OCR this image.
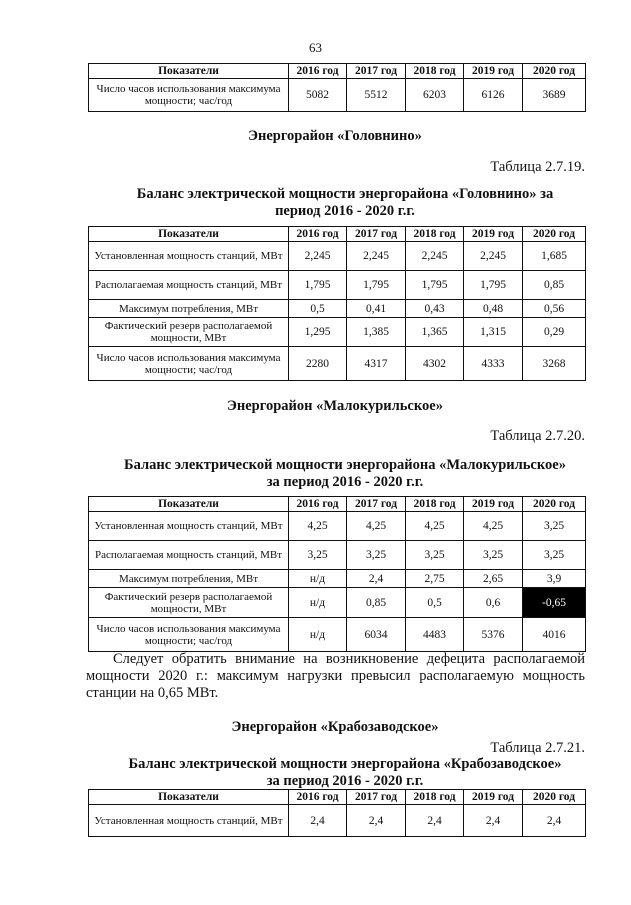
63
Показатели	2016 год	2017 год	2018 год	2019 год	2020 год
Число часов использования максимума мощности; час/год	5082	5512	6203	6126	3689
Энергорайон «Головнино»
Таблица 2.7.19.
Баланс электрической мощности энергорайона «Головнино» за
период 2016 - 2020 г.г.
Показатели	2016 год	2017 год	2018 год	2019 год	2020 год
Установленная мощность станций, МВт	2,245	2,245	2,245	2,245	1,685
Располагаемая мощность станций, МВт	1,795	1,795	1,795	1,795	0,85
Максимум потребления, МВт	0,5	0,41	0,43	0,48	0,56
Фактический резерв располагаемой мощности, МВт	1,295	1,385	1,365	1,315	0,29
Число часов использования максимума мощности; час/год	2280	4317	4302	4333	3268
Энергорайон «Малокурильское»
Таблица 2.7.20.
Баланс электрической мощности энергорайона «Малокурильское»
за период 2016 - 2020 г.г.
Показатели	2016 год	2017 год	2018 год	2019 год	2020 год
Установленная мощность станций, МВт	4,25	4,25	4,25	4,25	3,25
Располагаемая мощность станций, МВт	3,25	3,25	3,25	3,25	3,25
Максимум потребления, МВт	н/д	2,4	2,75	2,65	3,9
Фактический резерв располагаемой мощности, МВт	н/д	0,85	0,5	0,6	-0,65
Число часов использования максимума мощности; час/год	н/д	6034	4483	5376	4016
Следует обратить внимание на возникновение дефецита располагаемой
мощности 2020 г.: максимум нагрузки превысил располагаемую мощность
станции на 0,65 МВт.
Энергорайон «Крабозаводское»
Таблица 2.7.21.
Баланс электрической мощности энергорайона «Крабозаводское»
за период 2016 - 2020 г.г.
Показатели	2016 год	2017 год	2018 год	2019 год	2020 год
Установленная мощность станций, МВт	2,4	2,4	2,4	2,4	2,4
